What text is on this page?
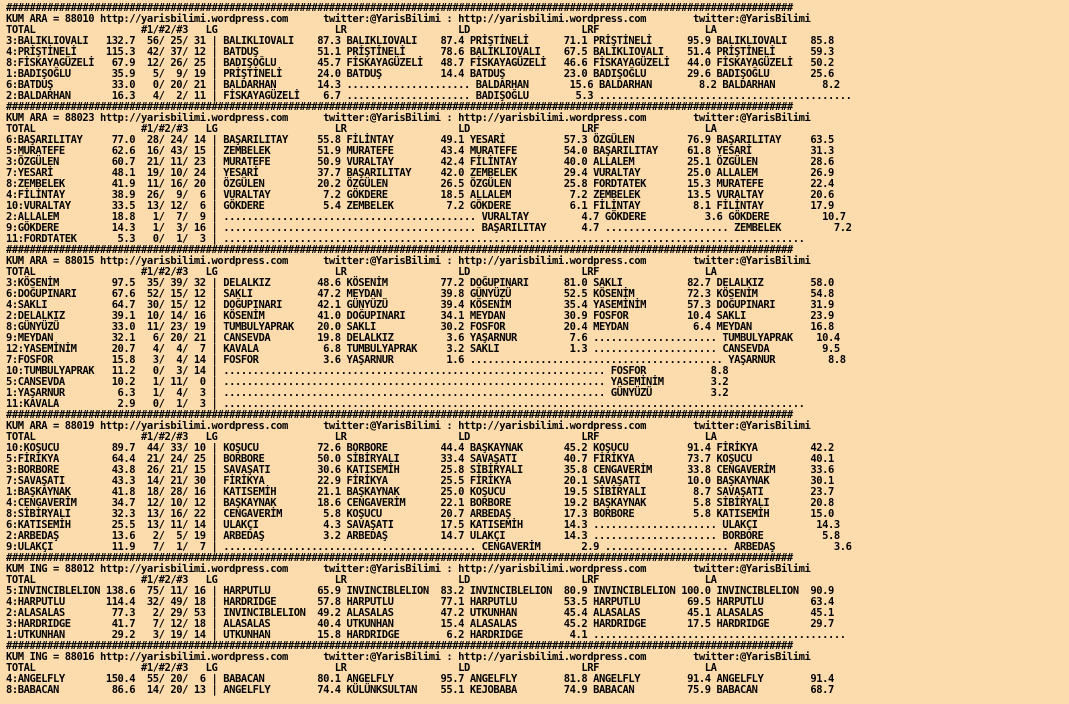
######################################################################################################################################
KUM ARA = 88010 http://yarisbilimi.wordpress.com      twitter:@YarisBilimi : http://yarisbilimi.wordpress.com        twitter:@YarisBilimi
TOTAL                  #1/#2/#3   LG                    LR                   LD                   LRF                  LA
3:BALIKLIOVALI   132.7  56/ 25/ 31 | BALIKLIOVALI    87.3 BALIKLIOVALI    87.4 PRİŞTİNELİ      71.1 PRİŞTİNELİ      95.9 BALIKLIOVALI    85.8
4:PRİŞTİNELİ     115.3  42/ 37/ 12 | BATDUŞ          51.1 PRİŞTİNELİ      78.6 BALIKLIOVALI    67.5 BALIKLIOVALI    51.4 PRİŞTİNELİ      59.3
8:FİSKAYAGÜZELİ   67.9  12/ 26/ 25 | BADIŞOĞLU       45.7 FİSKAYAGÜZELİ   48.7 FİSKAYAGÜZELİ   46.6 FİSKAYAGÜZELİ   44.0 FİSKAYAGÜZELİ   50.2
1:BADIŞOĞLU       35.9   5/  9/ 19 | PRİŞTİNELİ      24.0 BATDUŞ          14.4 BATDUŞ          23.0 BADIŞOĞLU       29.6 BADIŞOĞLU       25.6
6:BATDUŞ          33.0   0/ 20/ 21 | BALDARHAN       14.3 ..................... BALDARHAN       15.6 BALDARHAN        8.2 BALDARHAN        8.2
2:BALDARHAN       16.3   4/  2/ 11 | FİSKAYAGÜZELİ    6.7 ..................... BADIŞOĞLU        5.3 ...........................................
######################################################################################################################################
KUM ARA = 88023 http://yarisbilimi.wordpress.com      twitter:@YarisBilimi : http://yarisbilimi.wordpress.com        twitter:@YarisBilimi
TOTAL                  #1/#2/#3   LG                    LR                   LD                   LRF                  LA
6:BAŞARILITAY     77.0  28/ 24/ 14 | BAŞARILITAY     55.8 FİLİNTAY        49.1 YESARİ          57.3 ÖZGÜLEN         76.9 BAŞARILITAY     63.5
5:MURATEFE        62.6  16/ 43/ 15 | ZEMBELEK        51.9 MURATEFE        43.4 MURATEFE        54.0 BAŞARILITAY     61.8 YESARİ          31.3
3:ÖZGÜLEN         60.7  21/ 11/ 23 | MURATEFE        50.9 VURALTAY        42.4 FİLİNTAY        40.0 ALLALEM         25.1 ÖZGÜLEN         28.6
7:YESARİ          48.1  19/ 10/ 24 | YESARİ          37.7 BAŞARILITAY     42.0 ZEMBELEK        29.4 VURALTAY        25.0 ALLALEM         26.9
8:ZEMBELEK        41.9  11/ 16/ 20 | ÖZGÜLEN         20.2 ÖZGÜLEN         26.5 ÖZGÜLEN         25.8 FORDTATEK       15.3 MURATEFE        22.4
4:FİLİNTAY        38.9  26/  9/  6 | VURALTAY         7.2 GÖKDERE         18.5 ALLALEM          7.2 ZEMBELEK        13.5 VURALTAY        20.6
10:VURALTAY       33.5  13/ 12/  6 | GÖKDERE          5.4 ZEMBELEK         7.2 GÖKDERE          6.1 FİLİNTAY         8.1 FİLİNTAY        17.9
2:ALLALEM         18.8   1/  7/  9 | ........................................... VURALTAY         4.7 GÖKDERE          3.6 GÖKDERE         10.7
9:GÖKDERE         14.3   1/  3/ 16 | ........................................... BAŞARILITAY      4.7 ..................... ZEMBELEK         7.2
11:FORDTATEK       5.3   0/  1/  3 | ...................................................................................................
######################################################################################################################################
KUM ARA = 88015 http://yarisbilimi.wordpress.com      twitter:@YarisBilimi : http://yarisbilimi.wordpress.com        twitter:@YarisBilimi
TOTAL                  #1/#2/#3   LG                    LR                   LD                   LRF                  LA
3:KÖSENİM         97.5  35/ 39/ 32 | DELALKIZ        48.6 KÖSENİM         77.2 DOĞUPINARI      81.0 SAKLI           82.7 DELALKIZ        58.0
6:DOĞUPINARI      67.6  52/ 15/ 12 | SAKLI           47.2 MEYDAN          39.8 GÜNYÜZÜ         52.5 KÖSENİM         72.3 KÖSENİM         54.8
4:SAKLI           64.7  30/ 15/ 12 | DOĞUPINARI      42.1 GÜNYÜZÜ         39.4 KÖSENİM         35.4 YASEMİNİM       57.3 DOĞUPINARI      31.9
2:DELALKIZ        39.1  10/ 14/ 16 | KÖSENİM         41.0 DOĞUPINARI      34.1 MEYDAN          30.9 FOSFOR          10.4 SAKLI           23.9
8:GÜNYÜZÜ         33.0  11/ 23/ 19 | TUMBULYAPRAK    20.0 SAKLI           30.2 FOSFOR          20.4 MEYDAN           6.4 MEYDAN          16.8
9:MEYDAN          32.1   6/ 20/ 21 | CANSEVDA        19.8 DELALKIZ         3.6 YAŞARNUR         7.6 ..................... TUMBULYAPRAK    10.4
12:YASEMİNİM      20.7   4/  4/  7 | KAVALA           6.8 TUMBULYAPRAK     3.2 SAKLI            1.3 ..................... CANSEVDA         9.5
7:FOSFOR          15.8   3/  4/ 14 | FOSFOR           3.6 YAŞARNUR         1.6 ........................................... YAŞARNUR         8.8
10:TUMBULYAPRAK   11.2   0/  3/ 14 | ................................................................. FOSFOR           8.8
5:CANSEVDA        10.2   1/ 11/  0 | ................................................................. YASEMİNİM        3.2
1:YAŞARNUR         6.3   1/  4/  3 | ................................................................. GÜNYÜZÜ          3.2
11:KAVALA          2.9   0/  1/  3 | ...................................................................................................
######################################################################################################################################
KUM ARA = 88019 http://yarisbilimi.wordpress.com      twitter:@YarisBilimi : http://yarisbilimi.wordpress.com        twitter:@YarisBilimi
TOTAL                  #1/#2/#3   LG                    LR                   LD                   LRF                  LA
10:KOŞUCU         89.7  44/ 33/ 10 | KOŞUCU          72.6 BORBORE         44.4 BAŞKAYNAK       45.2 KOŞUCU          91.4 FİRİKYA         42.2
5:FİRİKYA         64.4  21/ 24/ 25 | BORBORE         50.0 SİBİRYALI       33.4 SAVAŞATI        40.7 FİRİKYA         73.7 KOŞUCU          40.1
3:BORBORE         43.8  26/ 21/ 15 | SAVAŞATI        30.6 KATISEMİH       25.8 SİBİRYALI       35.8 CENGAVERİM      33.8 CENGAVERİM      33.6
7:SAVAŞATI        43.3  14/ 21/ 30 | FİRİKYA         22.9 FİRİKYA         25.5 FİRİKYA         20.1 SAVAŞATI        10.0 BAŞKAYNAK       30.1
1:BAŞKAYNAK       41.8  18/ 28/ 16 | KATISEMİH       21.1 BAŞKAYNAK       25.0 KOŞUCU          19.5 SİBİRYALI        8.7 SAVAŞATI        23.7
4:CENGAVERİM      34.7  12/ 10/ 12 | BAŞKAYNAK       18.6 CENGAVERİM      22.1 BORBORE         19.2 BAŞKAYNAK        5.8 SİBİRYALI       20.8
8:SİBİRYALI       32.3  13/ 16/ 22 | CENGAVERİM       5.8 KOŞUCU          20.7 ARBEDAŞ         17.3 BORBORE          5.8 KATISEMİH       15.0
6:KATISEMİH       25.5  13/ 11/ 14 | ULAKÇI           4.3 SAVAŞATI        17.5 KATISEMİH       14.3 ..................... ULAKÇI          14.3
2:ARBEDAŞ         13.6   2/  5/ 19 | ARBEDAŞ          3.2 ARBEDAŞ         14.7 ULAKÇI          14.3 ..................... BORBORE          5.8
9:ULAKÇI          11.9   7/  1/  7 | ........................................... CENGAVERİM       2.9 ..................... ARBEDAŞ          3.6
######################################################################################################################################
KUM ING = 88012 http://yarisbilimi.wordpress.com      twitter:@YarisBilimi : http://yarisbilimi.wordpress.com        twitter:@YarisBilimi
TOTAL                  #1/#2/#3   LG                    LR                   LD                   LRF                  LA
5:INVINCIBLELION 138.6  75/ 11/ 16 | HARPUTLU        65.9 INVINCIBLELION  83.2 INVINCIBLELION  80.9 INVINCIBLELION 100.0 INVINCIBLELION  90.9
4:HARPUTLU       114.4  32/ 49/ 18 | HARDRIDGE       57.8 HARPUTLU        77.1 HARPUTLU        53.5 HARPUTLU        69.5 HARPUTLU        63.4
2:ALASALAS        77.3   2/ 29/ 53 | INVINCIBLELION  49.2 ALASALAS        47.2 UTKUNHAN        45.4 ALASALAS        45.1 ALASALAS        45.1
3:HARDRIDGE       41.7   7/ 12/ 18 | ALASALAS        40.4 UTKUNHAN        15.4 ALASALAS        45.2 HARDRIDGE       17.5 HARDRIDGE       29.7
1:UTKUNHAN        29.2   3/ 19/ 14 | UTKUNHAN        15.8 HARDRIDGE        6.2 HARDRIDGE        4.1 ...........................................
######################################################################################################################################
KUM ING = 88016 http://yarisbilimi.wordpress.com      twitter:@YarisBilimi : http://yarisbilimi.wordpress.com        twitter:@YarisBilimi
TOTAL                  #1/#2/#3   LG                    LR                   LD                   LRF                  LA
4:ANGELFLY       150.4  55/ 20/  6 | BABACAN         80.1 ANGELFLY        95.7 ANGELFLY        81.8 ANGELFLY        91.4 ANGELFLY        91.4
8:BABACAN         86.6  14/ 20/ 13 | ANGELFLY        74.4 KÜLÜNKSULTAN    55.1 KEJOBABA        74.9 BABACAN         75.9 BABACAN         68.7
